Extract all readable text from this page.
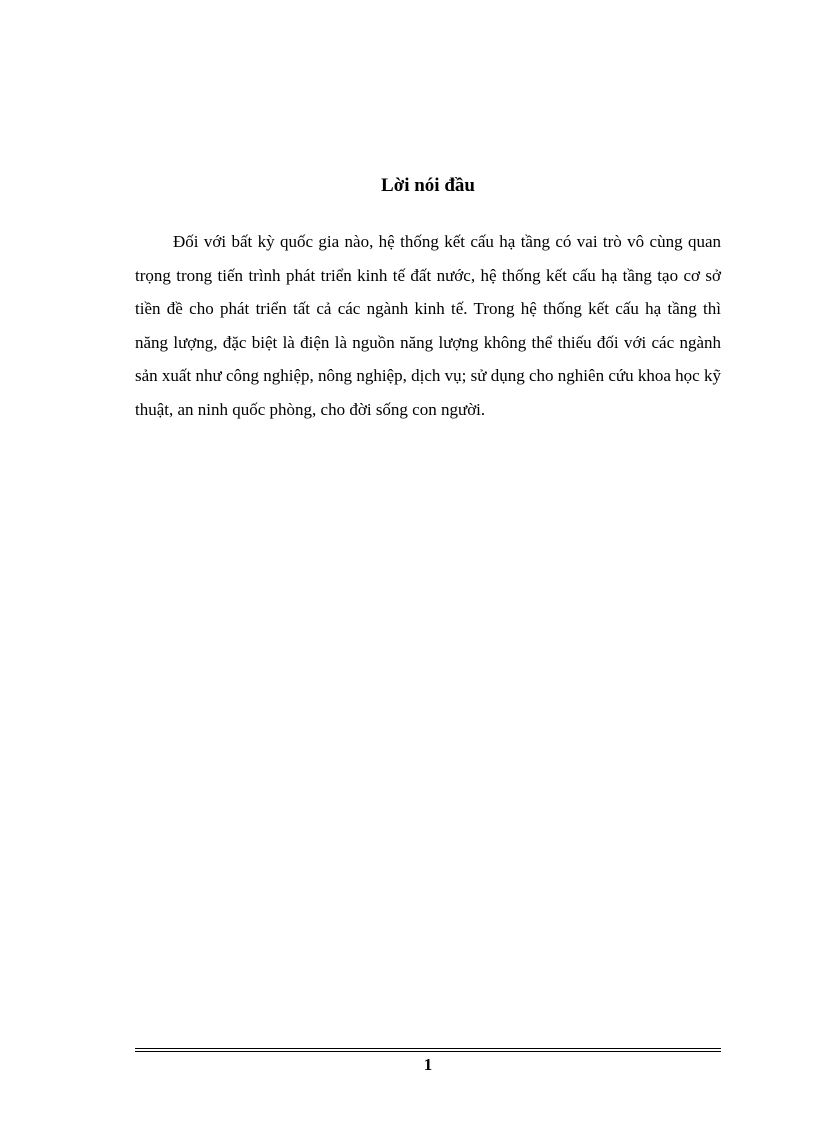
Lời nói đầu

Đối với bất kỳ quốc gia nào, hệ thống kết cấu hạ tầng có vai trò vô cùng quan trọng trong tiến trình phát triển kinh tế đất nước, hệ thống kết cấu hạ tầng tạo cơ sở tiền đề cho phát triển tất cả các ngành kinh tế. Trong hệ thống kết cấu hạ tầng thì năng lượng, đặc biệt là điện là nguồn năng lượng không thể thiếu đối với các ngành sản xuất như công nghiệp, nông nghiệp, dịch vụ; sử dụng cho nghiên cứu khoa học kỹ thuật, an ninh quốc phòng, cho đời sống con người.

1
